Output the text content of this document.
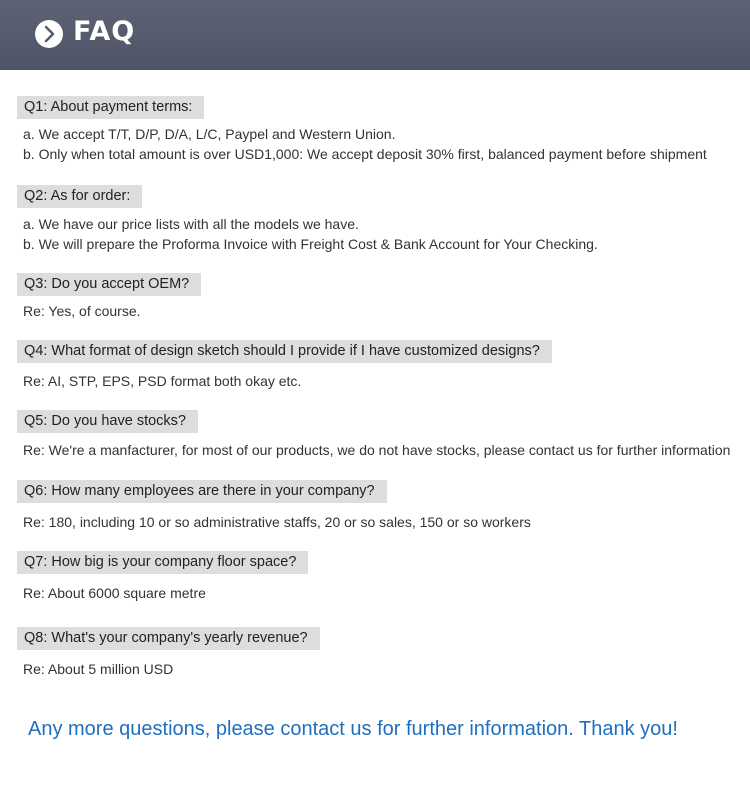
FAQ
Q1: About payment terms:
a. We accept T/T, D/P, D/A, L/C, Paypel and Western Union.
b. Only when total amount is over USD1,000: We accept deposit 30% first, balanced payment before shipment
Q2: As for order:
a. We have our price lists with all the models we have.
b. We will prepare the Proforma Invoice with Freight Cost & Bank Account for Your Checking.
Q3: Do you accept OEM?
Re: Yes, of course.
Q4: What format of design sketch should I provide if I have customized designs?
Re: AI, STP, EPS, PSD format both okay etc.
Q5: Do you have stocks?
Re: We're a manfacturer, for most of our products, we do not have stocks, please contact us for further information
Q6: How many employees are there in your company?
Re: 180, including 10 or so administrative staffs, 20 or so sales, 150 or so workers
Q7: How big is your company floor space?
Re: About 6000 square metre
Q8: What's your company's yearly revenue?
Re: About 5 million USD
Any more questions, please contact us for further information. Thank you!
